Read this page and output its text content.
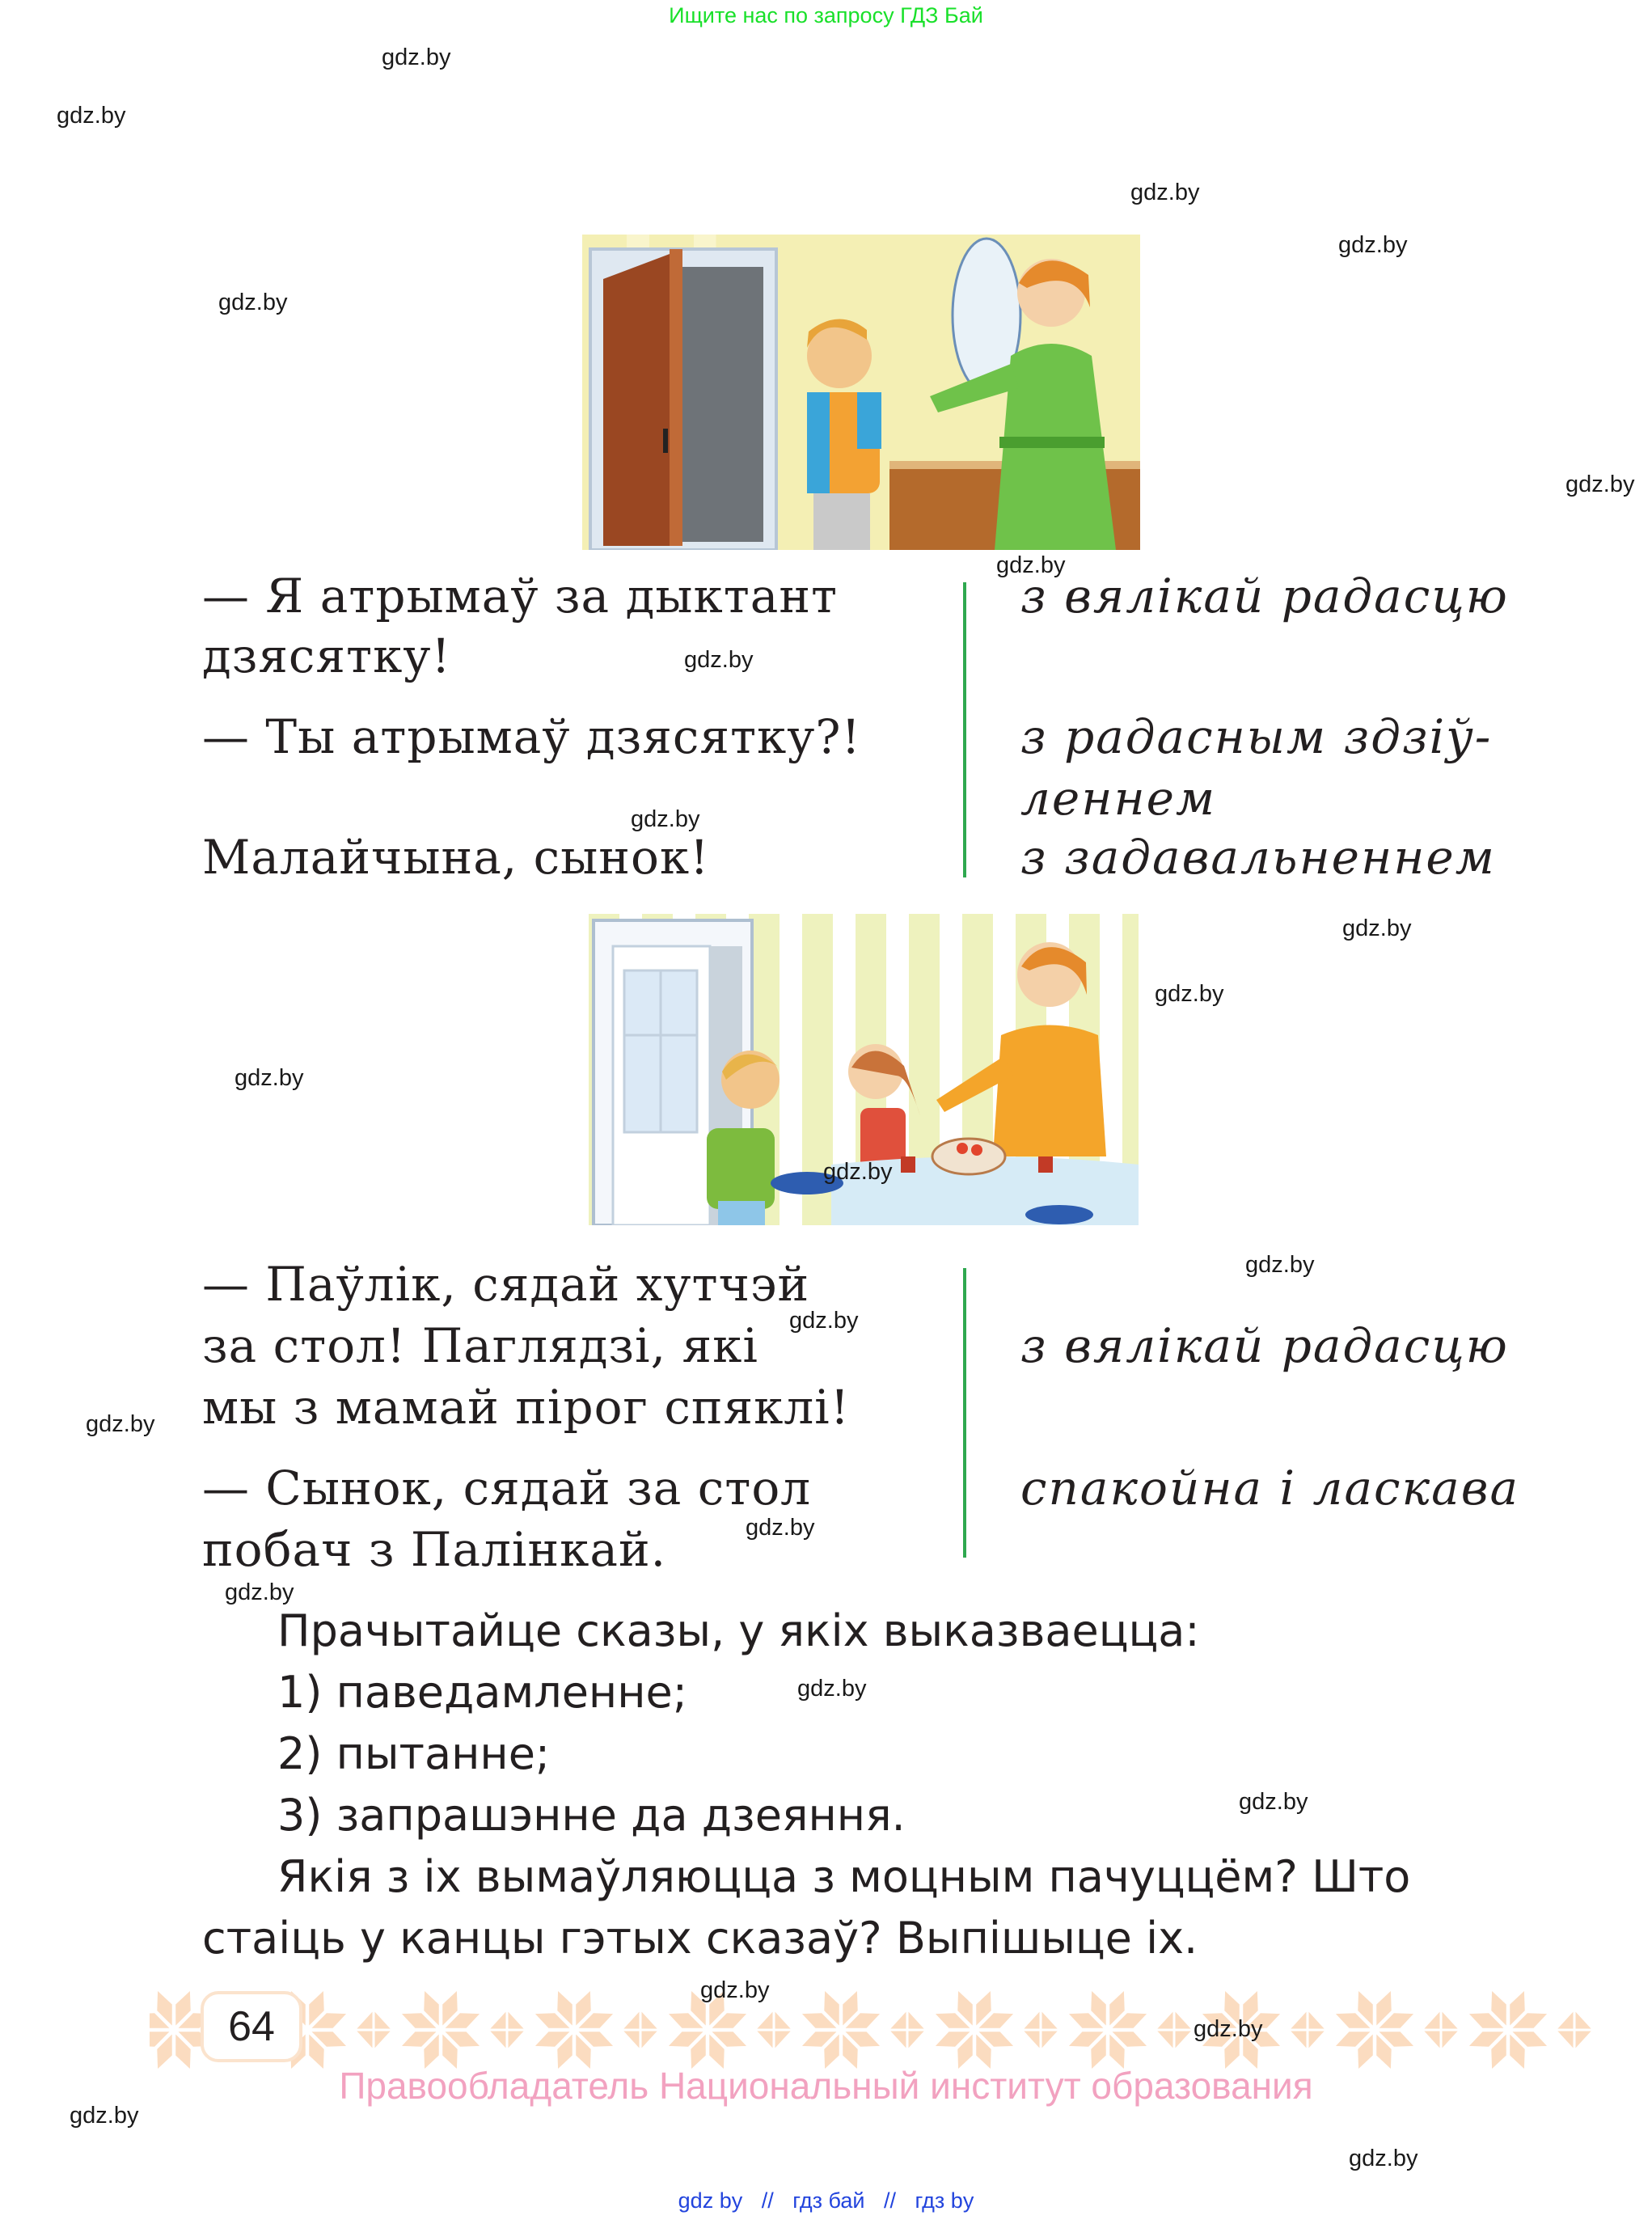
Ищите нас по запросу ГДЗ Бай
gdz.by
gdz.by
gdz.by
gdz.by
gdz.by
gdz.by
gdz.by
gdz.by
gdz.by
gdz.by
gdz.by
gdz.by
gdz.by
gdz.by
gdz.by
gdz.by
gdz.by
gdz.by
gdz.by
gdz.by
gdz.by
gdz.by
gdz.by
gdz.by
— Я атрымаў за дыктант
дзясятку!
— Ты атрымаў дзясятку?!
Малайчына, сынок!
з вялікай радасцю
з радасным здзіў-
леннем
з задавальненнем
— Паўлік, сядай хутчэй
за стол! Паглядзі, які
мы з мамай пірог спяклі!
— Сынок, сядай за стол
побач з Палінкай.
з вялікай радасцю
спакойна і ласкава
Прачытайце сказы, у якіх выказваецца:
1) паведамленне;
2) пытанне;
3) запрашэнне да дзеяння.
Якія з іх вымаўляюцца з моцным пачуццём? Што
стаіць у канцы гэтых сказаў? Выпішыце іх.
64
Правообладатель Национальный институт образования
gdz by // гдз бай // гдз by
